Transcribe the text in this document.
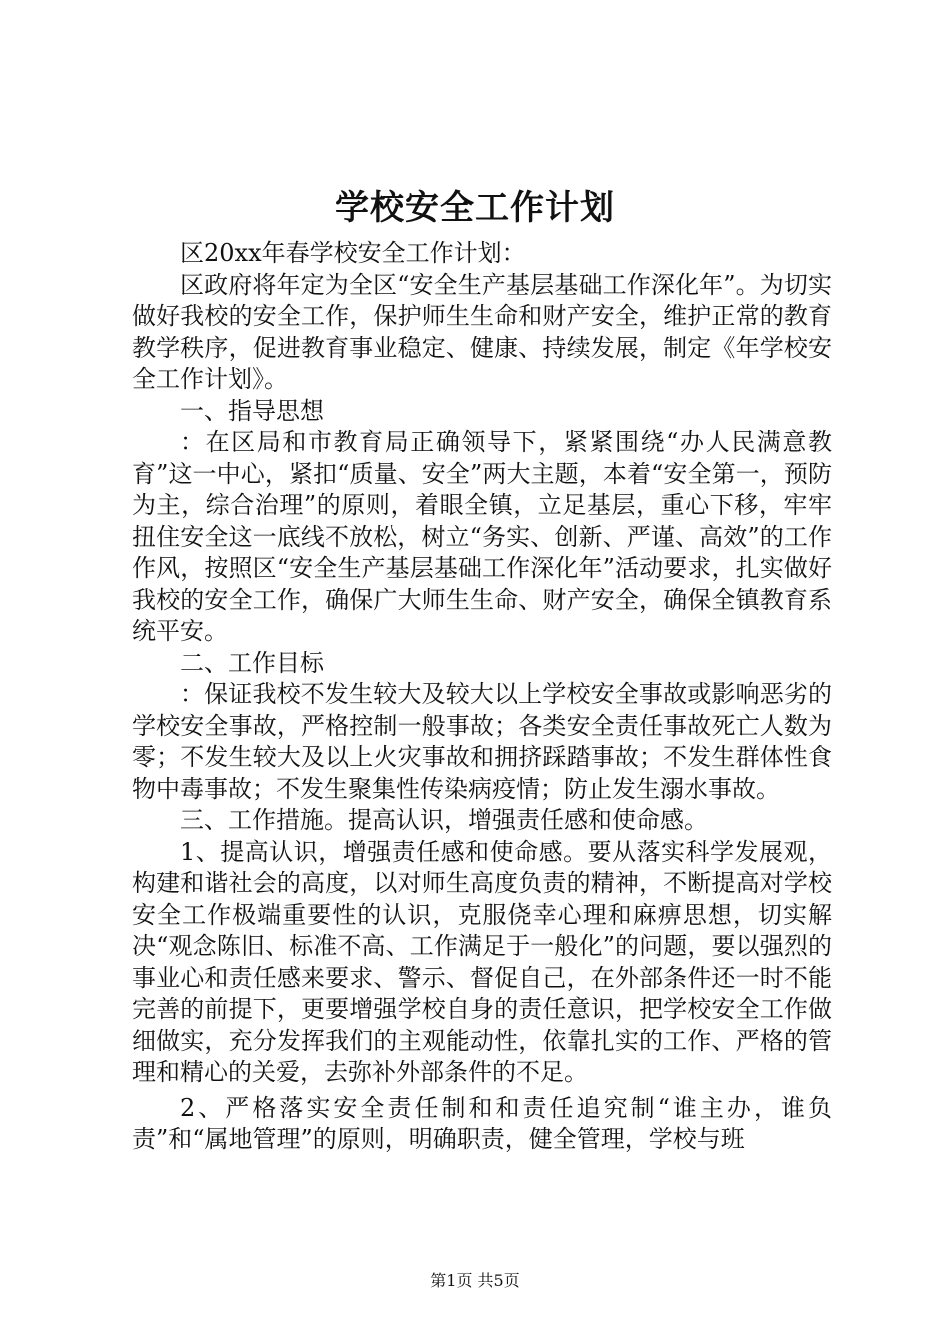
学校安全工作计划

区20xx年春学校安全工作计划：

区政府将年定为全区“安全生产基层基础工作深化年”。为切实做好我校的安全工作，保护师生生命和财产安全，维护正常的教育教学秩序，促进教育事业稳定、健康、持续发展，制定《年学校安全工作计划》。

一、指导思想

：在区局和市教育局正确领导下，紧紧围绕“办人民满意教育”这一中心，紧扣“质量、安全”两大主题，本着“安全第一，预防为主，综合治理”的原则，着眼全镇，立足基层，重心下移，牢牢扭住安全这一底线不放松，树立“务实、创新、严谨、高效”的工作作风，按照区“安全生产基层基础工作深化年”活动要求，扎实做好我校的安全工作，确保广大师生生命、财产安全，确保全镇教育系统平安。

二、工作目标

：保证我校不发生较大及较大以上学校安全事故或影响恶劣的学校安全事故，严格控制一般事故；各类安全责任事故死亡人数为零；不发生较大及以上火灾事故和拥挤踩踏事故；不发生群体性食物中毒事故；不发生聚集性传染病疫情；防止发生溺水事故。

三、工作措施。提高认识，增强责任感和使命感。

1、提高认识，增强责任感和使命感。要从落实科学发展观，构建和谐社会的高度，以对师生高度负责的精神，不断提高对学校安全工作极端重要性的认识，克服侥幸心理和麻痹思想，切实解决“观念陈旧、标准不高、工作满足于一般化”的问题，要以强烈的事业心和责任感来要求、警示、督促自己，在外部条件还一时不能完善的前提下，更要增强学校自身的责任意识，把学校安全工作做细做实，充分发挥我们的主观能动性，依靠扎实的工作、严格的管理和精心的关爱，去弥补外部条件的不足。

2、严格落实安全责任制和和责任追究制“谁主办，谁负责”和“属地管理”的原则，明确职责，健全管理，学校与班

第1页 共5页
